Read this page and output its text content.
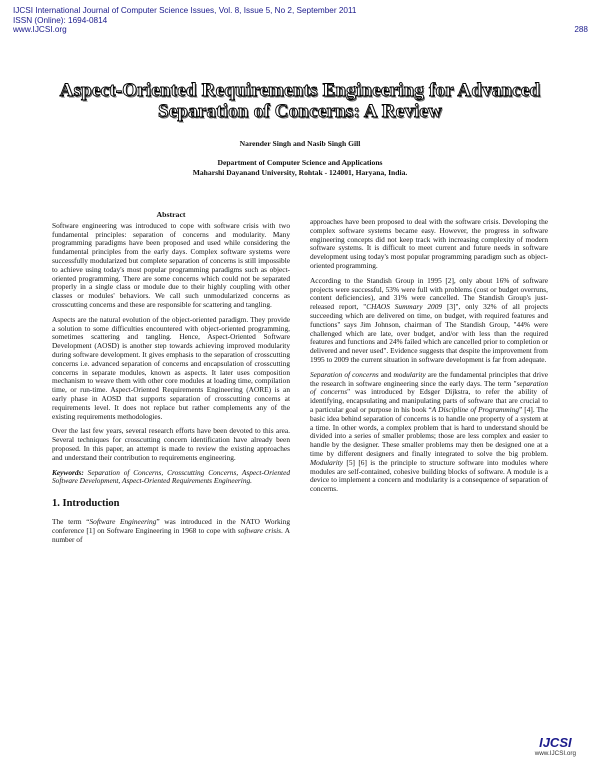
IJCSI International Journal of Computer Science Issues, Vol. 8, Issue 5, No 2, September 2011
ISSN (Online): 1694-0814
www.IJCSI.org	288
Aspect-Oriented Requirements Engineering for Advanced
Separation of Concerns: A Review
Narender Singh and Nasib Singh Gill
Department of Computer Science and Applications
Maharshi Dayanand University, Rohtak - 124001, Haryana, India.
Abstract

Software engineering was introduced to cope with software crisis with two fundamental principles: separation of concerns and modularity. Many programming paradigms have been proposed and used while considering the fundamental principles from the early days. Complex software systems were successfully modularized but complete separation of concerns is still impossible to achieve using today's most popular programming paradigms such as object-oriented programming. There are some concerns which could not be separated properly in a single class or module due to their highly coupling with other classes or modules' behaviors. We call such unmodularized concerns as crosscutting concerns and these are responsible for scattering and tangling.

Aspects are the natural evolution of the object-oriented paradigm. They provide a solution to some difficulties encountered with object-oriented programming, sometimes scattering and tangling. Hence, Aspect-Oriented Software Development (AOSD) is another step towards achieving improved modularity during software development. It gives emphasis to the separation of crosscutting concerns i.e. advanced separation of concerns and encapsulation of crosscutting concerns in separate modules, known as aspects. It later uses composition mechanism to weave them with other core modules at loading time, compilation time, or run-time. Aspect-Oriented Requirements Engineering (AORE) is an early phase in AOSD that supports separation of crosscutting concerns at requirements level. It does not replace but rather complements any of the existing requirements methodologies.

Over the last few years, several research efforts have been devoted to this area. Several techniques for crosscutting concern identification have already been proposed. In this paper, an attempt is made to review the existing approaches and understand their contribution to requirements engineering.

Keywords: Separation of Concerns, Crosscutting Concerns, Aspect-Oriented Software Development, Aspect-Oriented Requirements Engineering.

1. Introduction

The term “Software Engineering” was introduced in the NATO Working conference [1] on Software Engineering in 1968 to cope with software crisis. A number of

approaches have been proposed to deal with the software crisis. Developing the complex software systems became easy. However, the progress in software engineering concepts did not keep track with increasing complexity of modern software systems. It is difficult to meet current and future needs in software development using today's most popular programming paradigm such as object-oriented programming.

According to the Standish Group in 1995 [2], only about 16% of software projects were successful, 53% were full with problems (cost or budget overruns, content deficiencies), and 31% were cancelled. The Standish Group's just-released report, "CHAOS Summary 2009 [3]", only 32% of all projects succeeding which are delivered on time, on budget, with required features and functions" says Jim Johnson, chairman of The Standish Group, "44% were challenged which are late, over budget, and/or with less than the required features and functions and 24% failed which are cancelled prior to completion or delivered and never used". Evidence suggests that despite the improvement from 1995 to 2009 the current situation in software development is far from adequate.

Separation of concerns and modularity are the fundamental principles that drive the research in software engineering since the early days. The term "separation of concerns" was introduced by Edsger Dijkstra, to refer the ability of identifying, encapsulating and manipulating parts of software that are crucial to a particular goal or purpose in his book “A Discipline of Programming” [4]. The basic idea behind separation of concerns is to handle one property of a system at a time. In other words, a complex problem that is hard to understand should be divided into a series of smaller problems; those are less complex and easier to handle by the designer. These smaller problems may then be designed one at a time by different designers and finally integrated to solve the big problem. Modularity [5] [6] is the principle to structure software into modules where modules are self-contained, cohesive building blocks of software. A module is a device to implement a concern and modularity is a consequence of separation of concerns.

IJCSI
www.IJCSI.org
